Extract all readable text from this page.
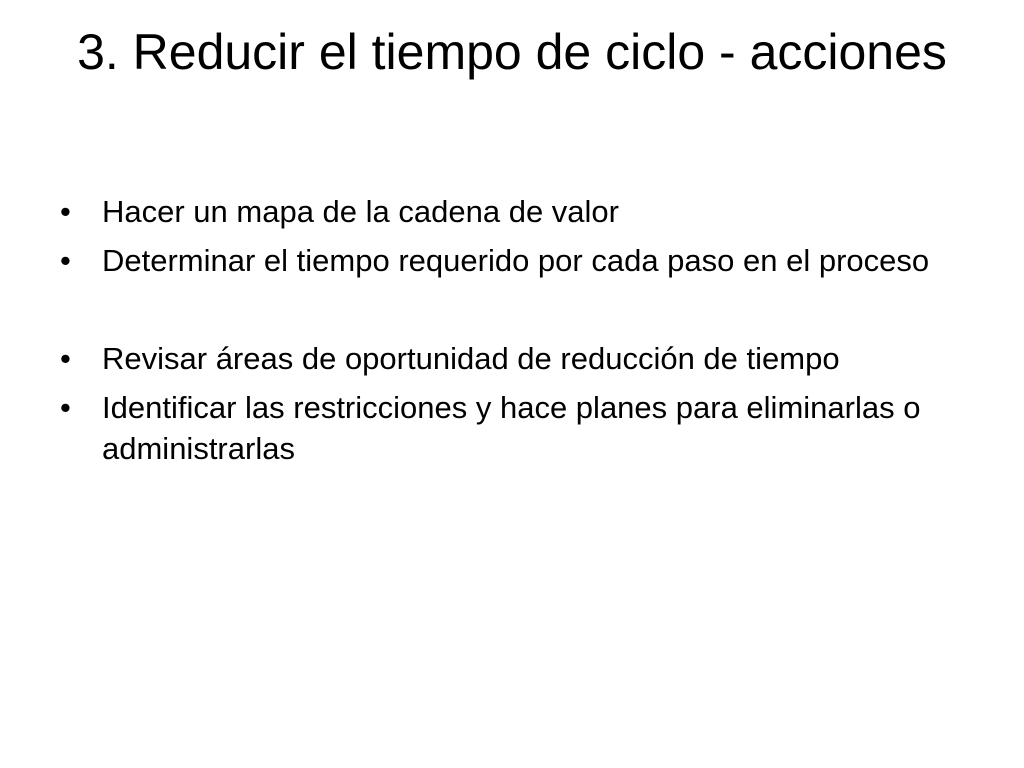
3. Reducir el tiempo de ciclo - acciones
• Hacer un mapa de la cadena de valor
• Determinar el tiempo requerido por cada paso en el proceso
• Revisar áreas de oportunidad de reducción de tiempo
• Identificar las restricciones y hace planes para eliminarlas o administrarlas
